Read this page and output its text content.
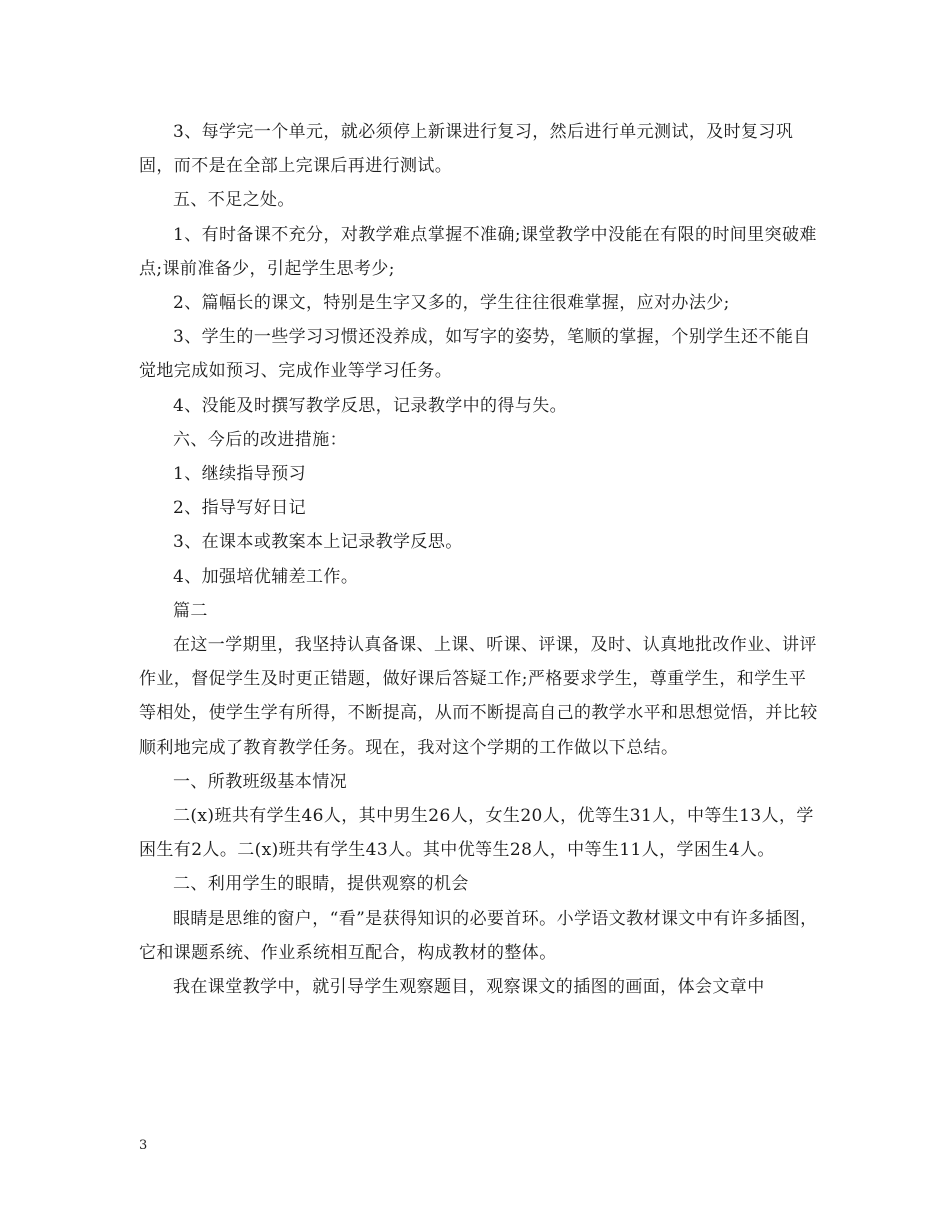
3、每学完一个单元，就必须停上新课进行复习，然后进行单元测试，及时复习巩固，而不是在全部上完课后再进行测试。

五、不足之处。

1、有时备课不充分，对教学难点掌握不准确;课堂教学中没能在有限的时间里突破难点;课前准备少，引起学生思考少;

2、篇幅长的课文，特别是生字又多的，学生往往很难掌握，应对办法少;

3、学生的一些学习习惯还没养成，如写字的姿势，笔顺的掌握，个别学生还不能自觉地完成如预习、完成作业等学习任务。

4、没能及时撰写教学反思，记录教学中的得与失。

六、今后的改进措施：

1、继续指导预习

2、指导写好日记

3、在课本或教案本上记录教学反思。

4、加强培优辅差工作。

篇二

在这一学期里，我坚持认真备课、上课、听课、评课，及时、认真地批改作业、讲评作业，督促学生及时更正错题，做好课后答疑工作;严格要求学生，尊重学生，和学生平等相处，使学生学有所得，不断提高，从而不断提高自己的教学水平和思想觉悟，并比较顺利地完成了教育教学任务。现在，我对这个学期的工作做以下总结。

一、所教班级基本情况

二(x)班共有学生46人，其中男生26人，女生20人，优等生31人，中等生13人，学困生有2人。二(x)班共有学生43人。其中优等生28人，中等生11人，学困生4人。

二、利用学生的眼睛，提供观察的机会

眼睛是思维的窗户，“看”是获得知识的必要首环。小学语文教材课文中有许多插图，它和课题系统、作业系统相互配合，构成教材的整体。

我在课堂教学中，就引导学生观察题目，观察课文的插图的画面，体会文章中

3
